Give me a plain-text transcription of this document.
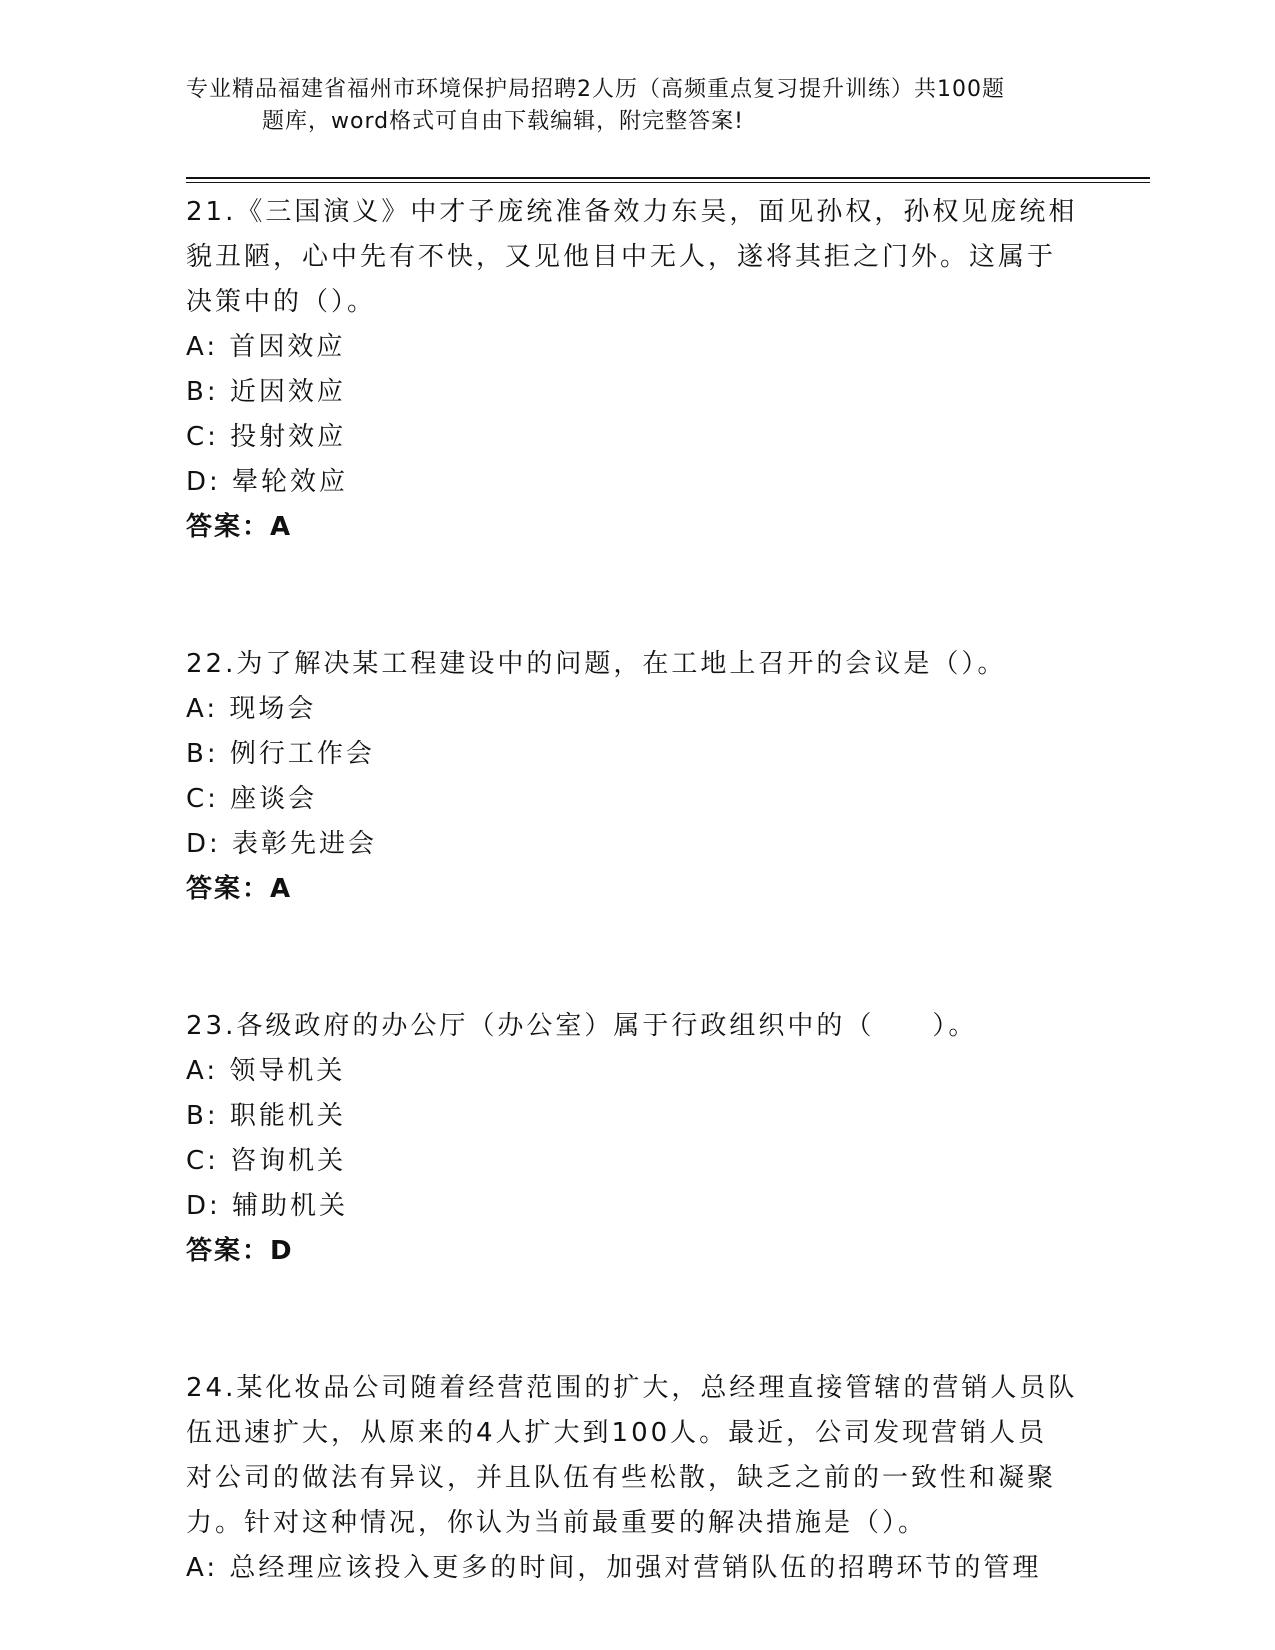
专业精品福建省福州市环境保护局招聘2人历（高频重点复习提升训练）共100题
题库，word格式可自由下载编辑，附完整答案!

21.《三国演义》中才子庞统准备效力东吴，面见孙权，孙权见庞统相

貌丑陋，心中先有不快，又见他目中无人，遂将其拒之门外。这属于

决策中的（）。

A: 首因效应

B: 近因效应

C: 投射效应

D: 晕轮效应

答案：A

22.为了解决某工程建设中的问题，在工地上召开的会议是（）。

A: 现场会

B: 例行工作会

C: 座谈会

D: 表彰先进会

答案：A

23.各级政府的办公厅（办公室）属于行政组织中的（　　）。

A: 领导机关

B: 职能机关

C: 咨询机关

D: 辅助机关

答案：D

24.某化妆品公司随着经营范围的扩大，总经理直接管辖的营销人员队

伍迅速扩大，从原来的4人扩大到100人。最近，公司发现营销人员

对公司的做法有异议，并且队伍有些松散，缺乏之前的一致性和凝聚

力。针对这种情况，你认为当前最重要的解决措施是（）。

A: 总经理应该投入更多的时间，加强对营销队伍的招聘环节的管理
